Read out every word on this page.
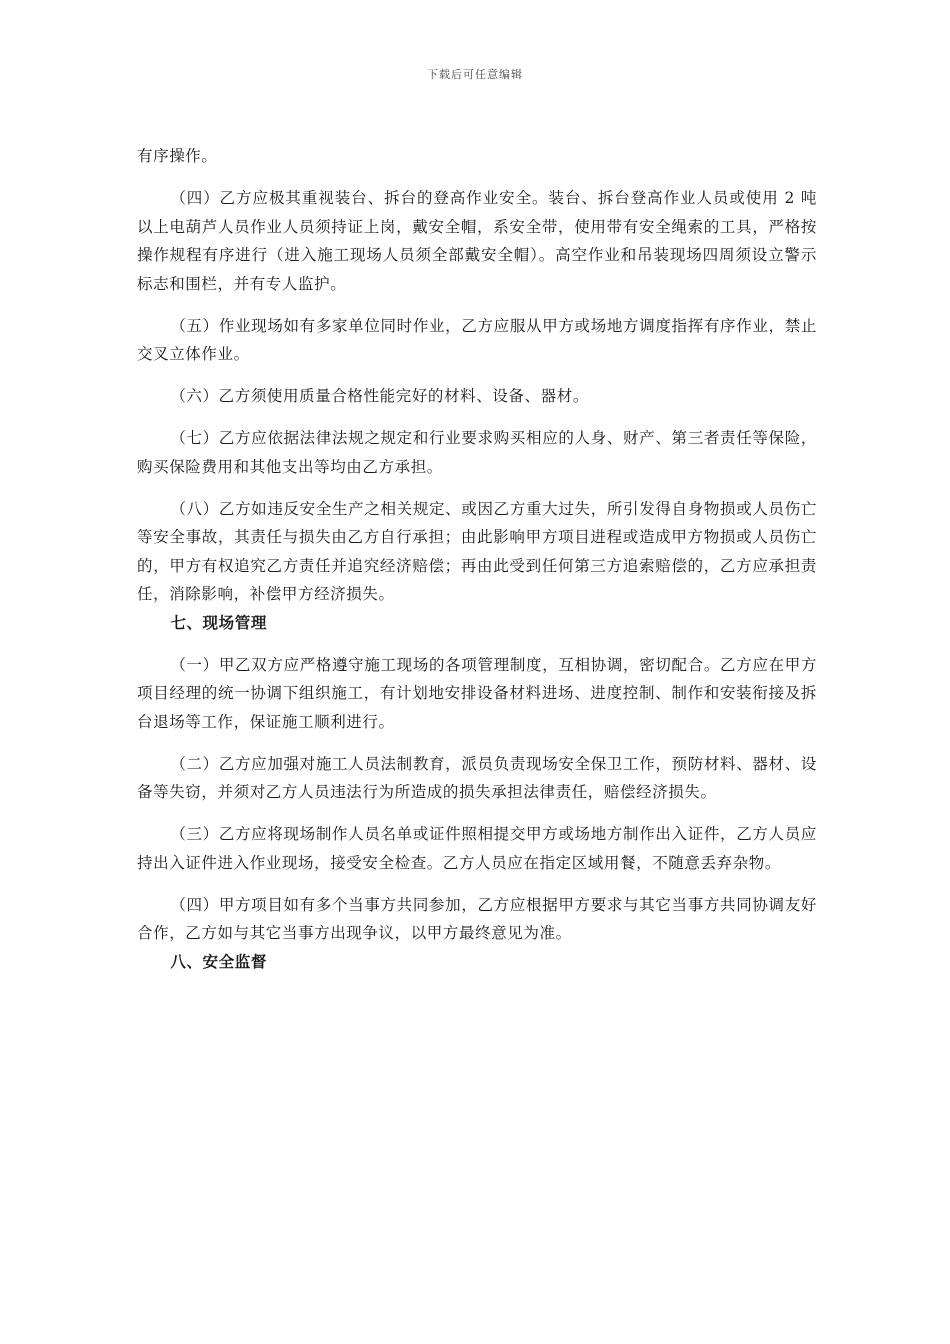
下载后可任意编辑

有序操作。

（四）乙方应极其重视装台、拆台的登高作业安全。装台、拆台登高作业人员或使用 2 吨以上电葫芦人员作业人员须持证上岗，戴安全帽，系安全带，使用带有安全绳索的工具，严格按操作规程有序进行（进入施工现场人员须全部戴安全帽）。高空作业和吊装现场四周须设立警示标志和围栏，并有专人监护。

（五）作业现场如有多家单位同时作业，乙方应服从甲方或场地方调度指挥有序作业，禁止交叉立体作业。

（六）乙方须使用质量合格性能完好的材料、设备、器材。

（七）乙方应依据法律法规之规定和行业要求购买相应的人身、财产、第三者责任等保险，购买保险费用和其他支出等均由乙方承担。

（八）乙方如违反安全生产之相关规定、或因乙方重大过失，所引发得自身物损或人员伤亡等安全事故，其责任与损失由乙方自行承担；由此影响甲方项目进程或造成甲方物损或人员伤亡的，甲方有权追究乙方责任并追究经济赔偿；再由此受到任何第三方追索赔偿的，乙方应承担责任，消除影响，补偿甲方经济损失。

七、现场管理

（一）甲乙双方应严格遵守施工现场的各项管理制度，互相协调，密切配合。乙方应在甲方项目经理的统一协调下组织施工，有计划地安排设备材料进场、进度控制、制作和安装衔接及拆台退场等工作，保证施工顺利进行。

（二）乙方应加强对施工人员法制教育，派员负责现场安全保卫工作，预防材料、器材、设备等失窃，并须对乙方人员违法行为所造成的损失承担法律责任，赔偿经济损失。

（三）乙方应将现场制作人员名单或证件照相提交甲方或场地方制作出入证件，乙方人员应持出入证件进入作业现场，接受安全检查。乙方人员应在指定区域用餐，不随意丢弃杂物。

（四）甲方项目如有多个当事方共同参加，乙方应根据甲方要求与其它当事方共同协调友好合作，乙方如与其它当事方出现争议，以甲方最终意见为准。

八、安全监督
